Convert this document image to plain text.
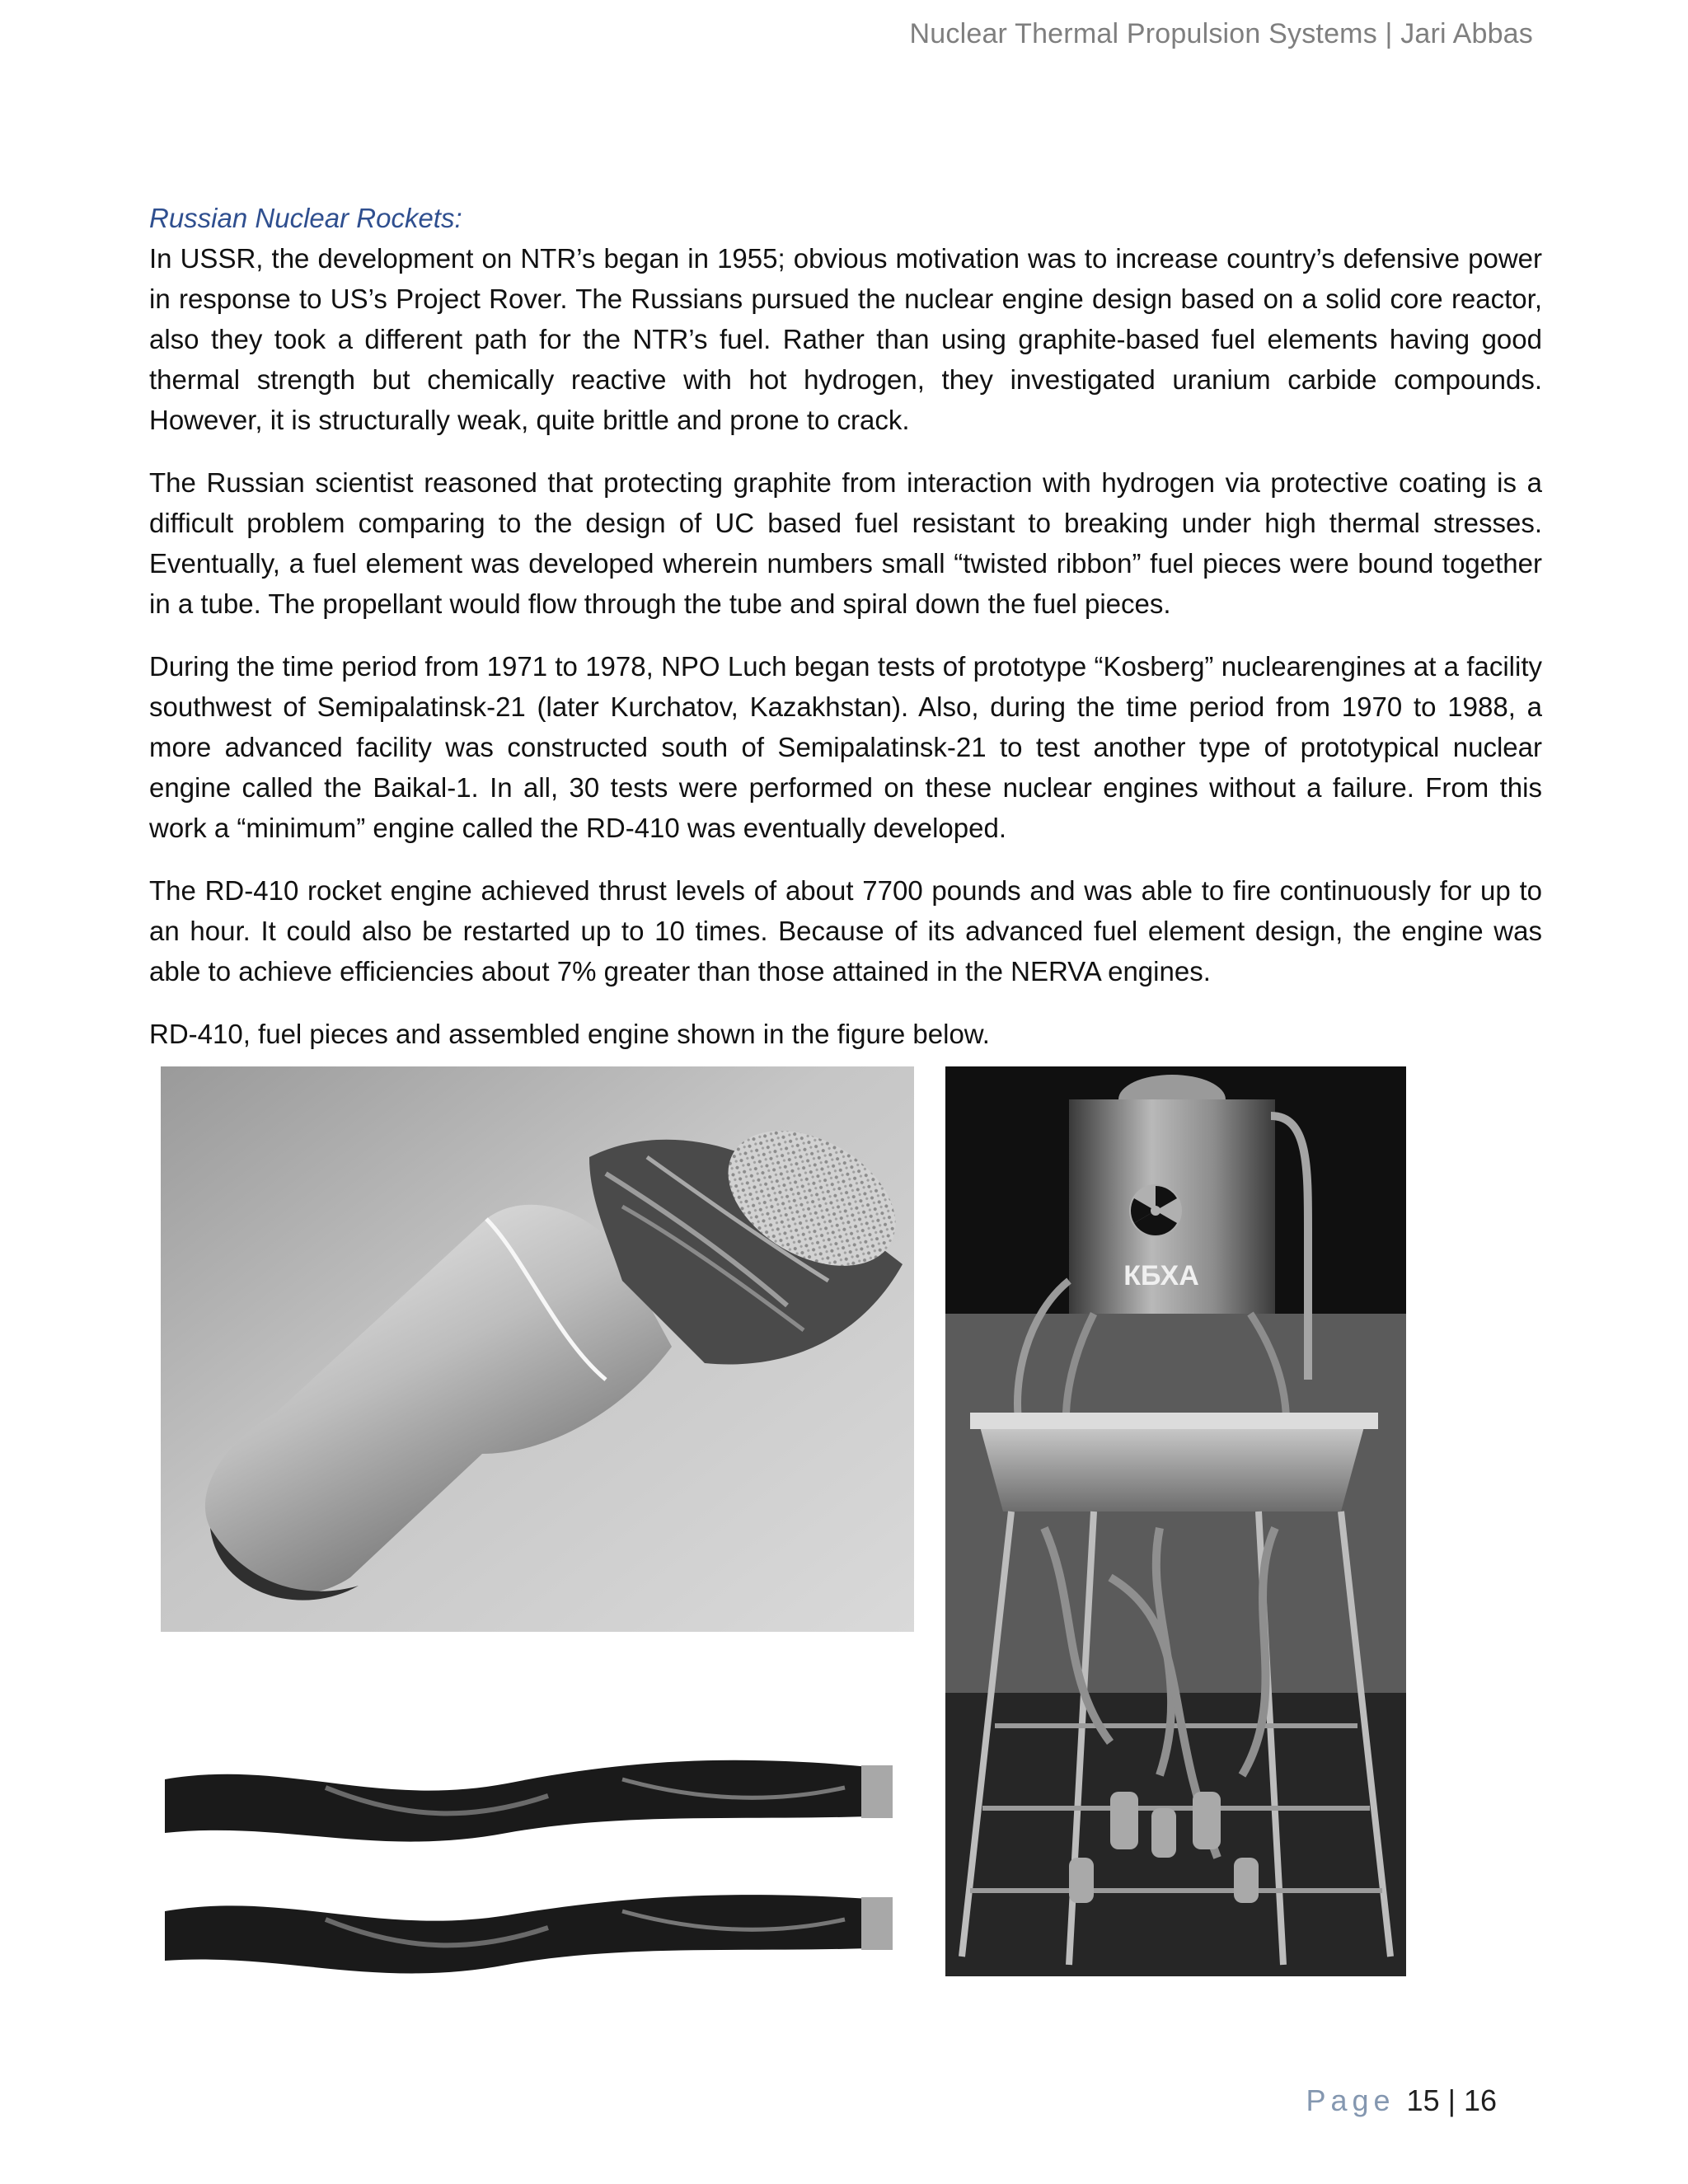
Nuclear Thermal Propulsion Systems | Jari Abbas

Russian Nuclear Rockets:

In USSR, the development on NTR’s began in 1955; obvious motivation was to increase country’s defensive power in response to US’s Project Rover. The Russians pursued the nuclear engine design based on a solid core reactor, also they took a different path for the NTR’s fuel. Rather than using graphite-based fuel elements having good thermal strength but chemically reactive with hot hydrogen, they investigated uranium carbide compounds. However, it is structurally weak, quite brittle and prone to crack.

The Russian scientist reasoned that protecting graphite from interaction with hydrogen via protective coating is a difficult problem comparing to the design of UC based fuel resistant to breaking under high thermal stresses. Eventually, a fuel element was developed wherein numbers small “twisted ribbon” fuel pieces were bound together in a tube. The propellant would flow through the tube and spiral down the fuel pieces.

During the time period from 1971 to 1978, NPO Luch began tests of prototype “Kosberg” nuclearengines at a facility southwest of Semipalatinsk-21 (later Kurchatov, Kazakhstan). Also, during the time period from 1970 to 1988, a more advanced facility was constructed south of Semipalatinsk-21 to test another type of prototypical nuclear engine called the Baikal-1. In all, 30 tests were performed on these nuclear engines without a failure. From this work a “minimum” engine called the RD-410 was eventually developed.

The RD-410 rocket engine achieved thrust levels of about 7700 pounds and was able to fire continuously for up to an hour. It could also be restarted up to 10 times. Because of its advanced fuel element design, the engine was able to achieve efficiencies about 7% greater than those attained in the NERVA engines.

RD-410, fuel pieces and assembled engine shown in the figure below.

КБХА
Page 15 | 16
